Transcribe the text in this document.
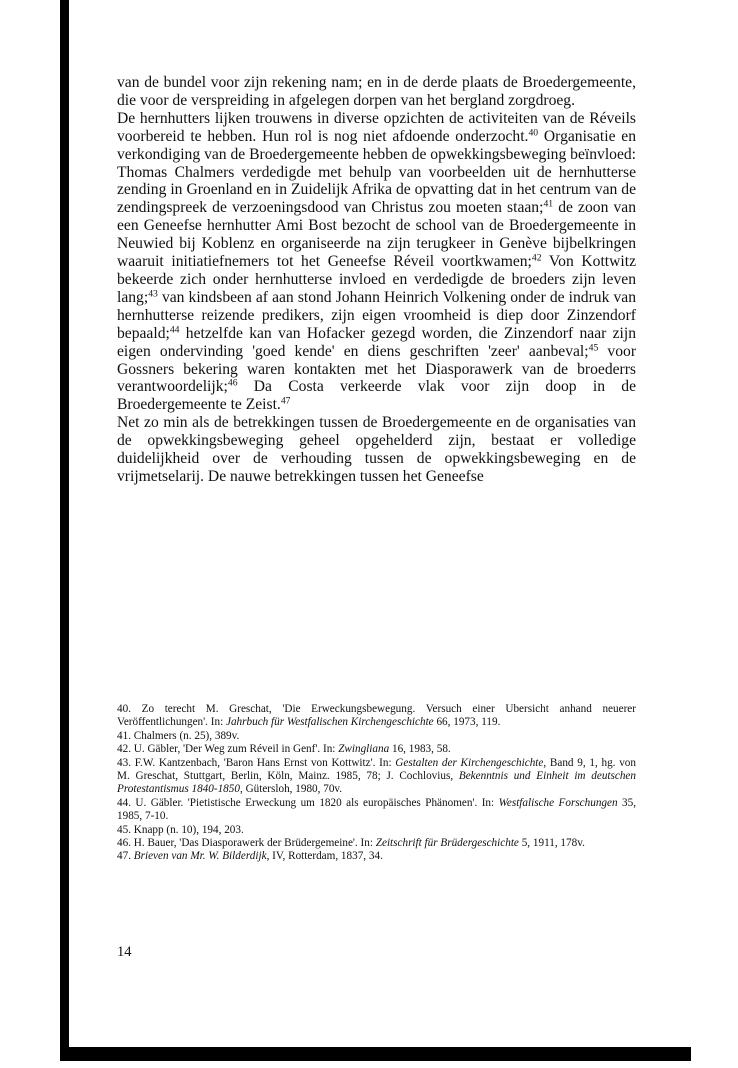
van de bundel voor zijn rekening nam; en in de derde plaats de Broedergemeente, die voor de verspreiding in afgelegen dorpen van het bergland zorgdroeg.

De hernhutters lijken trouwens in diverse opzichten de activiteiten van de Réveils voorbereid te hebben. Hun rol is nog niet afdoende onderzocht.$^{40}$ Organisatie en verkondiging van de Broedergemeente hebben de opwekkingsbeweging beïnvloed: Thomas Chalmers verdedigde met behulp van voorbeelden uit de hernhutterse zending in Groenland en in Zuidelijk Afrika de opvatting dat in het centrum van de zendingspreek de verzoeningsdood van Christus zou moeten staan;$^{41}$ de zoon van een Geneefse hernhutter Ami Bost bezocht de school van de Broedergemeente in Neuwied bij Koblenz en organiseerde na zijn terugkeer in Genève bijbelkringen waaruit initiatiefnemers tot het Geneefse Réveil voortkwamen;$^{42}$ Von Kottwitz bekeerde zich onder hernhutterse invloed en verdedigde de broeders zijn leven lang;$^{43}$ van kindsbeen af aan stond Johann Heinrich Volkening onder de indruk van hernhutterse reizende predikers, zijn eigen vroomheid is diep door Zinzendorf bepaald;$^{44}$ hetzelfde kan van Hofacker gezegd worden, die Zinzendorf naar zijn eigen ondervinding 'goed kende' en diens geschriften 'zeer' aanbeval;$^{45}$ voor Gossners bekering waren kontakten met het Diasporawerk van de broederrs verantwoordelijk;$^{46}$ Da Costa verkeerde vlak voor zijn doop in de Broedergemeente te Zeist.$^{47}$

Net zo min als de betrekkingen tussen de Broedergemeente en de organisaties van de opwekkingsbeweging geheel opgehelderd zijn, bestaat er volledige duidelijkheid over de verhouding tussen de opwekkingsbeweging en de vrijmetselarij. De nauwe betrekkingen tussen het Geneefse

40. Zo terecht M. Greschat, 'Die Erweckungsbewegung. Versuch einer Ubersicht anhand neuerer Veröffentlichungen'. In: Jahrbuch für Westfalischen Kirchengeschichte 66, 1973, 119.

41. Chalmers (n. 25), 389v.

42. U. Gäbler, 'Der Weg zum Réveil in Genf'. In: Zwingliana 16, 1983, 58.

43. F.W. Kantzenbach, 'Baron Hans Ernst von Kottwitz'. In: Gestalten der Kirchengeschichte, Band 9, 1, hg. von M. Greschat, Stuttgart, Berlin, Köln, Mainz. 1985, 78; J. Cochlovius, Bekenntnis und Einheit im deutschen Protestantismus 1840-1850, Gütersloh, 1980, 70v.

44. U. Gäbler. 'Pietistische Erweckung um 1820 als europäisches Phänomen'. In: Westfalische Forschungen 35, 1985, 7-10.

45. Knapp (n. 10), 194, 203.

46. H. Bauer, 'Das Diasporawerk der Brüdergemeine'. In: Zeitschrift für Brüdergeschichte 5, 1911, 178v.

47. Brieven van Mr. W. Bilderdijk, IV, Rotterdam, 1837, 34.

14
